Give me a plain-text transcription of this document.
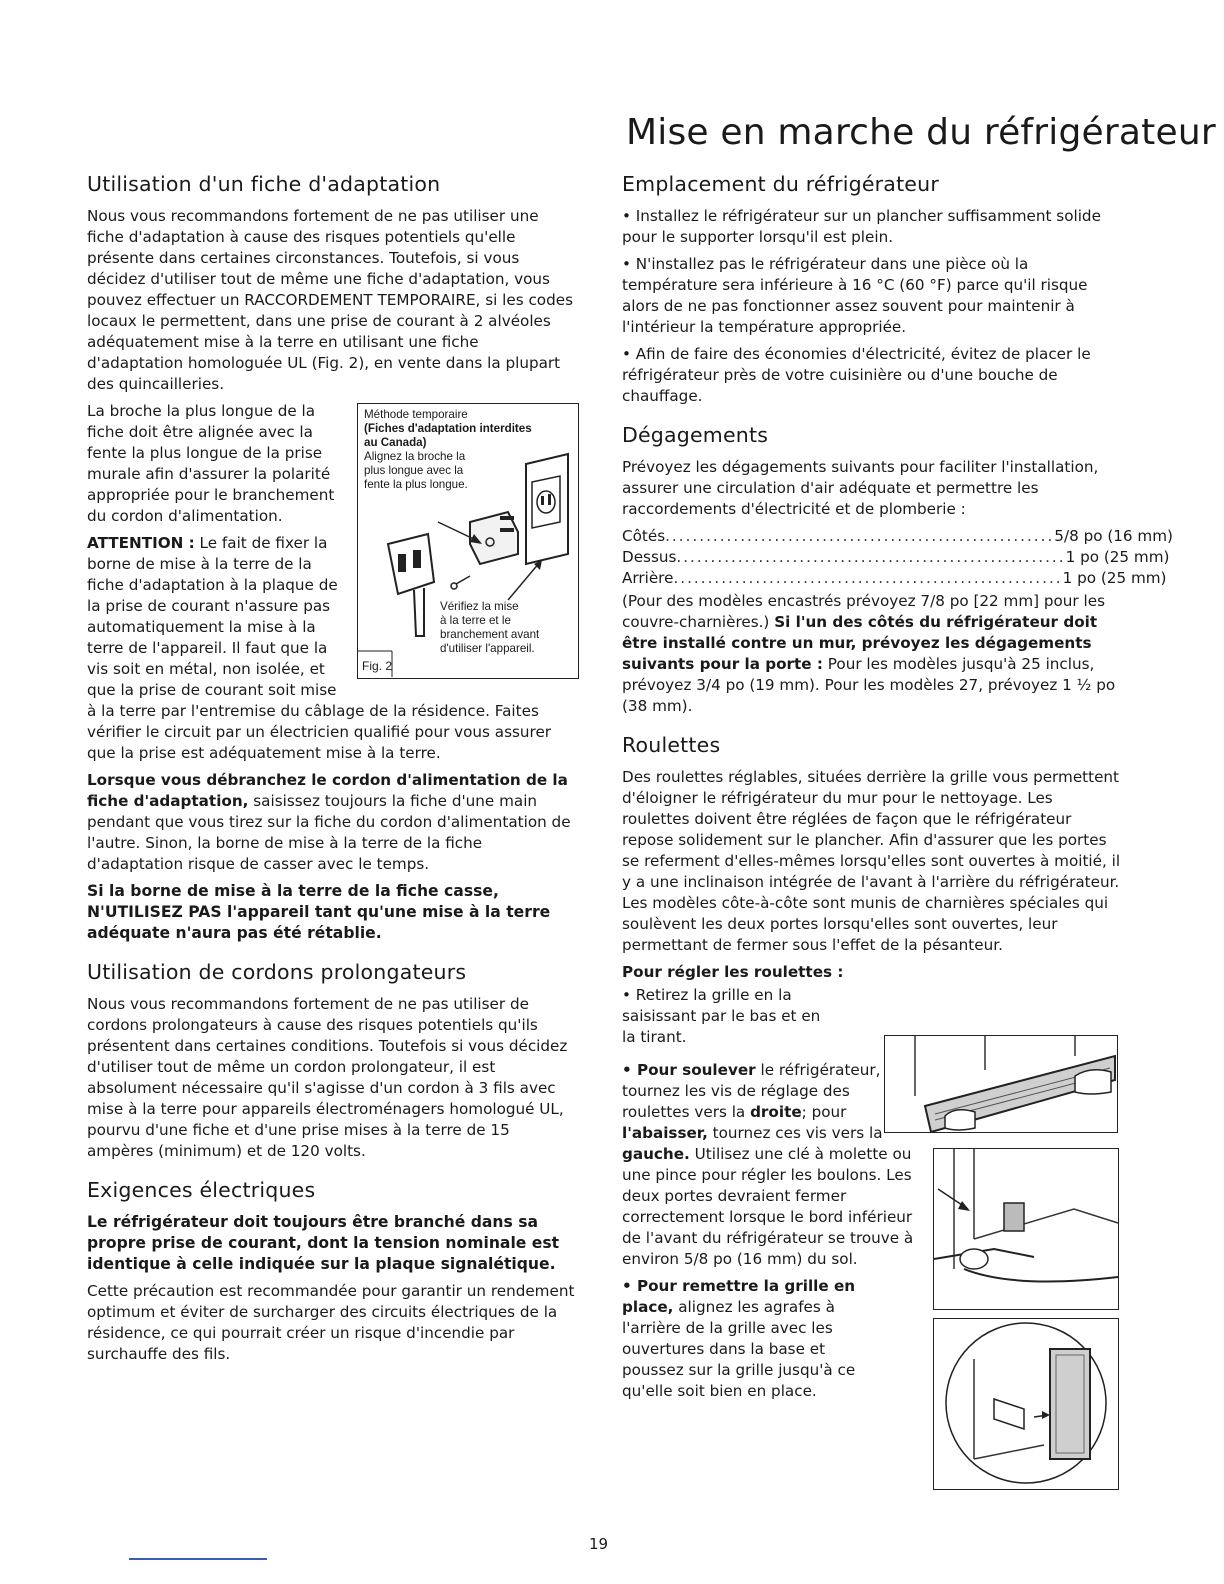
Mise en marche du réfrigérateur
Utilisation d'un fiche d'adaptation

Nous vous recommandons fortement de ne pas utiliser une fiche d'adaptation à cause des risques potentiels qu'elle présente dans certaines circonstances. Toutefois, si vous décidez d'utiliser tout de même une fiche d'adaptation, vous pouvez effectuer un RACCORDEMENT TEMPORAIRE, si les codes locaux le permettent, dans une prise de courant à 2 alvéoles adéquatement mise à la terre en utilisant une fiche d'adaptation homologuée UL (Fig. 2), en vente dans la plupart des quincailleries.

Méthode temporaire
(Fiches d'adaptation interdites
au Canada)
Alignez la broche la
plus longue avec la
fente la plus longue.
Vérifiez la mise
à la terre et le
branchement avant
d'utiliser l'appareil.
Fig. 2

La broche la plus longue de la fiche doit être alignée avec la fente la plus longue de la prise murale afin d'assurer la polarité appropriée pour le branchement du cordon d'alimentation.

ATTENTION : Le fait de fixer la borne de mise à la terre de la fiche d'adaptation à la plaque de la prise de courant n'assure pas automatiquement la mise à la terre de l'appareil. Il faut que la vis soit en métal, non isolée, et que la prise de courant soit mise à la terre par l'entremise du câblage de la résidence. Faites vérifier le circuit par un électricien qualifié pour vous assurer que la prise est adéquatement mise à la terre.

Lorsque vous débranchez le cordon d'alimentation de la fiche d'adaptation, saisissez toujours la fiche d'une main pendant que vous tirez sur la fiche du cordon d'alimentation de l'autre. Sinon, la borne de mise à la terre de la fiche d'adaptation risque de casser avec le temps.

Si la borne de mise à la terre de la fiche casse, N'UTILISEZ PAS l'appareil tant qu'une mise à la terre adéquate n'aura pas été rétablie.

Utilisation de cordons prolongateurs

Nous vous recommandons fortement de ne pas utiliser de cordons prolongateurs à cause des risques potentiels qu'ils présentent dans certaines conditions. Toutefois si vous décidez d'utiliser tout de même un cordon prolongateur, il est absolument nécessaire qu'il s'agisse d'un cordon à 3 fils avec mise à la terre pour appareils électroménagers homologué UL, pourvu d'une fiche et d'une prise mises à la terre de 15 ampères (minimum) et de 120 volts.

Exigences électriques

Le réfrigérateur doit toujours être branché dans sa propre prise de courant, dont la tension nominale est identique à celle indiquée sur la plaque signalétique.

Cette précaution est recommandée pour garantir un rendement optimum et éviter de surcharger des circuits électriques de la résidence, ce qui pourrait créer un risque d'incendie par surchauffe des fils.

Emplacement du réfrigérateur

• Installez le réfrigérateur sur un plancher suffisamment solide pour le supporter lorsqu'il est plein.

• N'installez pas le réfrigérateur dans une pièce où la température sera inférieure à 16 °C (60 °F) parce qu'il risque alors de ne pas fonctionner assez souvent pour maintenir à l'intérieur la température appropriée.

• Afin de faire des économies d'électricité, évitez de placer le réfrigérateur près de votre cuisinière ou d'une bouche de chauffage.

Dégagements

Prévoyez les dégagements suivants pour faciliter l'installation, assurer une circulation d'air adéquate et permettre les raccordements d'électricité et de plomberie :

Côtés ......................................................... 5/8 po (16 mm)
Dessus ......................................................... 1 po (25 mm)
Arrière ......................................................... 1 po (25 mm)

(Pour des modèles encastrés prévoyez 7/8 po [22 mm] pour les couvre-charnières.) Si l'un des côtés du réfrigérateur doit être installé contre un mur, prévoyez les dégagements suivants pour la porte : Pour les modèles jusqu'à 25 inclus, prévoyez 3/4 po (19 mm). Pour les modèles 27, prévoyez 1 ½ po (38 mm).

Roulettes

Des roulettes réglables, situées derrière la grille vous permettent d'éloigner le réfrigérateur du mur pour le nettoyage. Les roulettes doivent être réglées de façon que le réfrigérateur repose solidement sur le plancher. Afin d'assurer que les portes se referment d'elles-mêmes lorsqu'elles sont ouvertes à moitié, il y a une inclinaison intégrée de l'avant à l'arrière du réfrigérateur. Les modèles côte-à-côte sont munis de charnières spéciales qui soulèvent les deux portes lorsqu'elles sont ouvertes, leur permettant de fermer sous l'effet de la pésanteur.

Pour régler les roulettes :

• Retirez la grille en la saisissant par le bas et en la tirant.

• Pour soulever le réfrigérateur, tournez les vis de réglage des roulettes vers la droite; pour l'abaisser, tournez ces vis vers la gauche. Utilisez une clé à molette ou une pince pour régler les boulons. Les deux portes devraient fermer correctement lorsque le bord inférieur de l'avant du réfrigérateur se trouve à environ 5/8 po (16 mm) du sol.

• Pour remettre la grille en place, alignez les agrafes à l'arrière de la grille avec les ouvertures dans la base et poussez sur la grille jusqu'à ce qu'elle soit bien en place.

19
